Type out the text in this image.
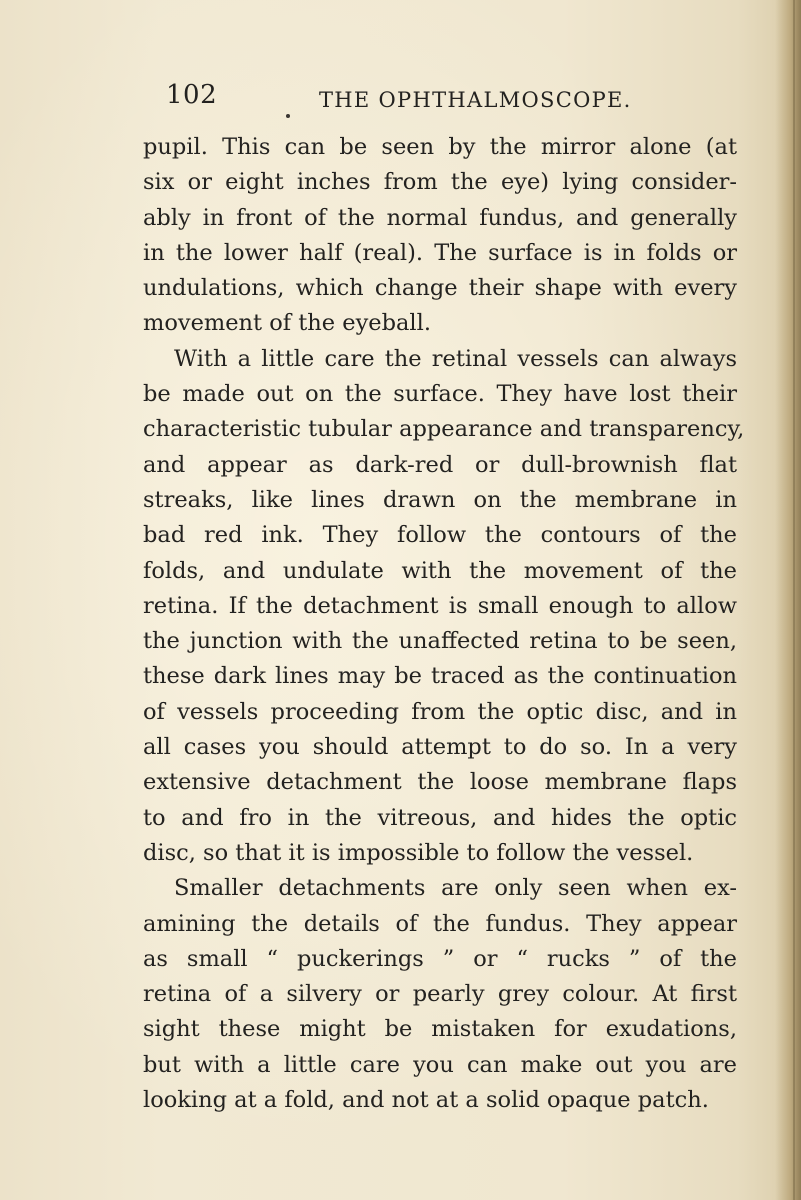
102	THE OPHTHALMOSCOPE.
pupil. This can be seen by the mirror alone (at
six or eight inches from the eye) lying consider-
ably in front of the normal fundus, and generally
in the lower half (real). The surface is in folds or
undulations, which change their shape with every
movement of the eyeball.
With a little care the retinal vessels can always
be made out on the surface. They have lost their
characteristic tubular appearance and transparency,
and appear as dark-red or dull-brownish flat
streaks, like lines drawn on the membrane in
bad red ink. They follow the contours of the
folds, and undulate with the movement of the
retina. If the detachment is small enough to allow
the junction with the unaffected retina to be seen,
these dark lines may be traced as the continuation
of vessels proceeding from the optic disc, and in
all cases you should attempt to do so. In a very
extensive detachment the loose membrane flaps
to and fro in the vitreous, and hides the optic
disc, so that it is impossible to follow the vessel.
Smaller detachments are only seen when ex-
amining the details of the fundus. They appear
as small “ puckerings ” or “ rucks ” of the
retina of a silvery or pearly grey colour. At first
sight these might be mistaken for exudations,
but with a little care you can make out you are
looking at a fold, and not at a solid opaque patch.
